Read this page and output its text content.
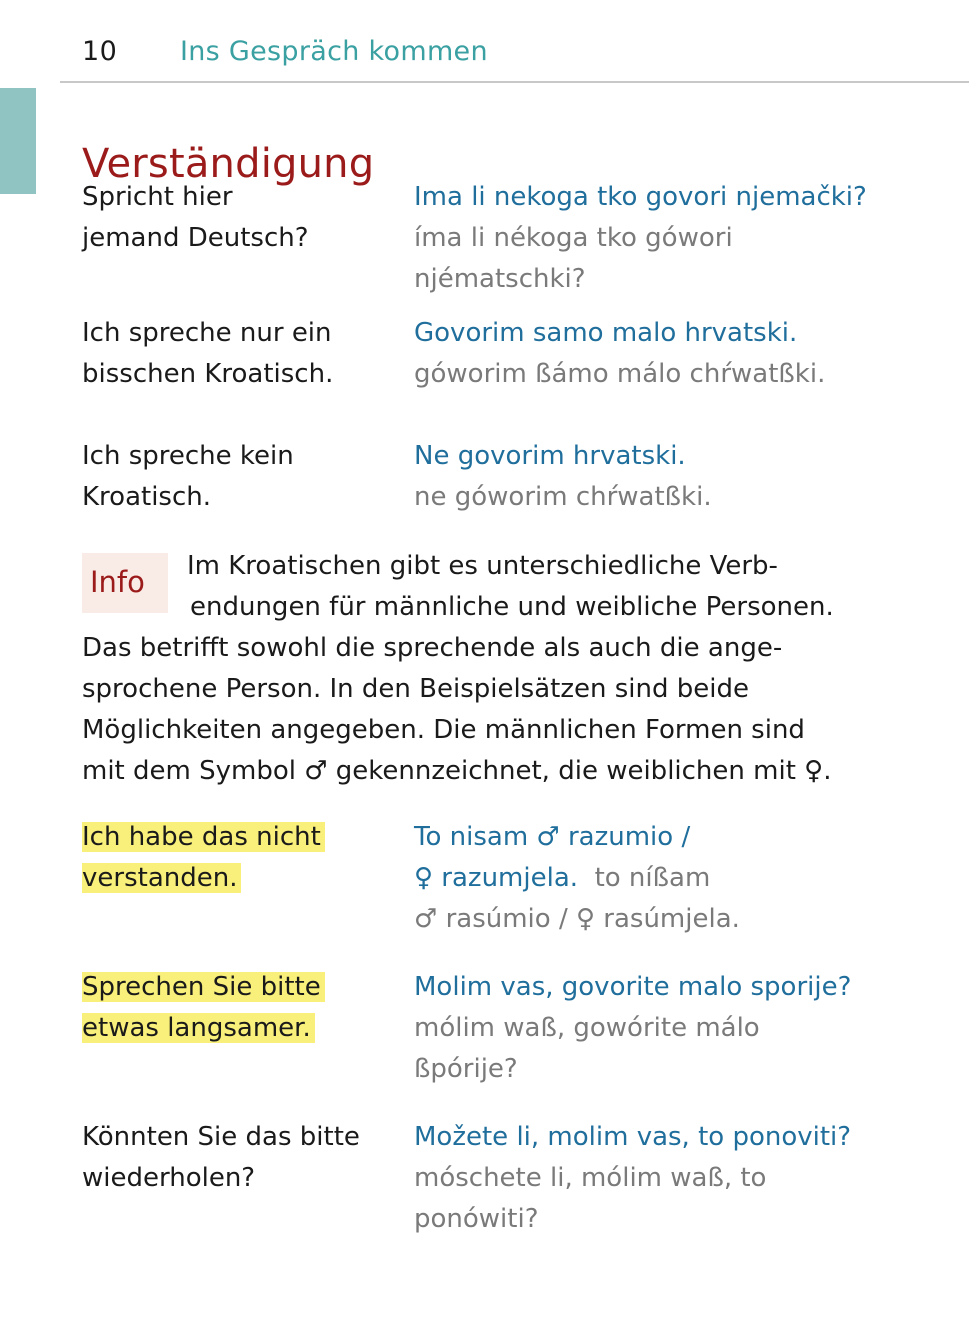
10 Ins Gespräch kommen
Verständigung
Spricht hier
jemand Deutsch?
Ima li nekoga tko govori njemački?
íma li nékoga tko gówori
njématschki?
Ich spreche nur ein
bisschen Kroatisch.
Govorim samo malo hrvatski.
góworim ßámo málo chŕwatßki.
Ich spreche kein
Kroatisch.
Ne govorim hrvatski.
ne góworim chŕwatßki.
Info Im Kroatischen gibt es unterschiedliche Verb-
endungen für männliche und weibliche Personen.
Das betrifft sowohl die sprechende als auch die ange-
sprochene Person. In den Beispielsätzen sind beide
Möglichkeiten angegeben. Die männlichen Formen sind
mit dem Symbol ♂ gekennzeichnet, die weiblichen mit ♀.
Ich habe das nicht
verstanden.
To nisam ♂ razumio /
♀ razumjela. to níßam
♂ rasúmio / ♀ rasúmjela.
Sprechen Sie bitte
etwas langsamer.
Molim vas, govorite malo sporije?
mólim waß, gowórite málo
ßpórije?
Könnten Sie das bitte
wiederholen?
Možete li, molim vas, to ponoviti?
móschete li, mólim waß, to
ponówiti?
